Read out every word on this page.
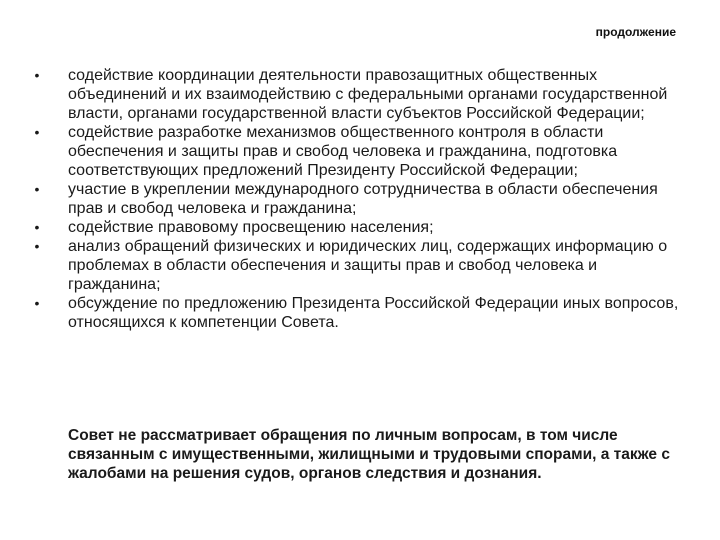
продолжение
• содействие координации деятельности правозащитных общественных объединений и их взаимодействию с федеральными органами государственной власти, органами государственной власти субъектов Российской Федерации;
• содействие разработке механизмов общественного контроля в области обеспечения и защиты прав и свобод человека и гражданина, подготовка соответствующих предложений Президенту Российской Федерации;
• участие в укреплении международного сотрудничества в области обеспечения прав и свобод человека и гражданина;
• содействие правовому просвещению населения;
• анализ обращений физических и юридических лиц, содержащих информацию о проблемах в области обеспечения и защиты прав и свобод человека и гражданина;
• обсуждение по предложению Президента Российской Федерации иных вопросов, относящихся к компетенции Совета.
Совет не рассматривает обращения по личным вопросам, в том числе связанным с имущественными, жилищными и трудовыми спорами, а также с жалобами на решения судов, органов следствия и дознания.
